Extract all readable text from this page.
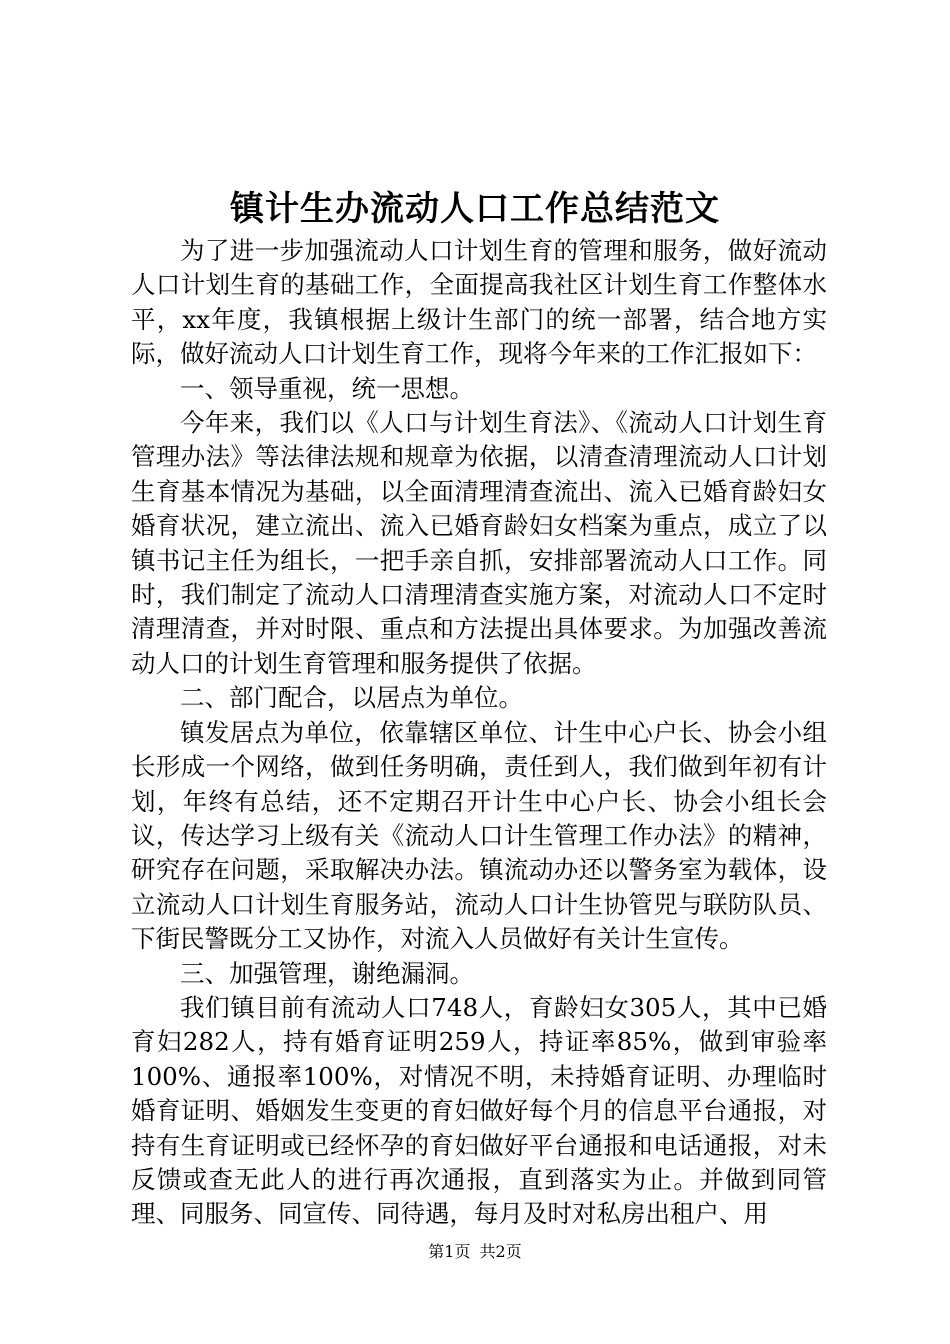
镇计生办流动人口工作总结范文

为了进一步加强流动人口计划生育的管理和服务，做好流动人口计划生育的基础工作，全面提高我社区计划生育工作整体水平，xx年度，我镇根据上级计生部门的统一部署，结合地方实际，做好流动人口计划生育工作，现将今年来的工作汇报如下：

一、领导重视，统一思想。

今年来，我们以《人口与计划生育法》、《流动人口计划生育管理办法》等法律法规和规章为依据，以清查清理流动人口计划生育基本情况为基础，以全面清理清查流出、流入已婚育龄妇女婚育状况，建立流出、流入已婚育龄妇女档案为重点，成立了以镇书记主任为组长，一把手亲自抓，安排部署流动人口工作。同时，我们制定了流动人口清理清查实施方案，对流动人口不定时清理清查，并对时限、重点和方法提出具体要求。为加强改善流动人口的计划生育管理和服务提供了依据。

二、部门配合，以居点为单位。

镇发居点为单位，依靠辖区单位、计生中心户长、协会小组长形成一个网络，做到任务明确，责任到人，我们做到年初有计划，年终有总结，还不定期召开计生中心户长、协会小组长会议，传达学习上级有关《流动人口计生管理工作办法》的精神，研究存在问题，采取解决办法。镇流动办还以警务室为载体，设立流动人口计划生育服务站，流动人口计生协管兕与联防队员、下街民警既分工又协作，对流入人员做好有关计生宣传。

三、加强管理，谢绝漏洞。

我们镇目前有流动人口748人，育龄妇女305人，其中已婚育妇282人，持有婚育证明259人，持证率85%，做到审验率100%、通报率100%，对情况不明，未持婚育证明、办理临时婚育证明、婚姻发生变更的育妇做好每个月的信息平台通报，对持有生育证明或已经怀孕的育妇做好平台通报和电话通报，对未反馈或查无此人的进行再次通报，直到落实为止。并做到同管理、同服务、同宣传、同待遇，每月及时对私房出租户、用

第1页 共2页
